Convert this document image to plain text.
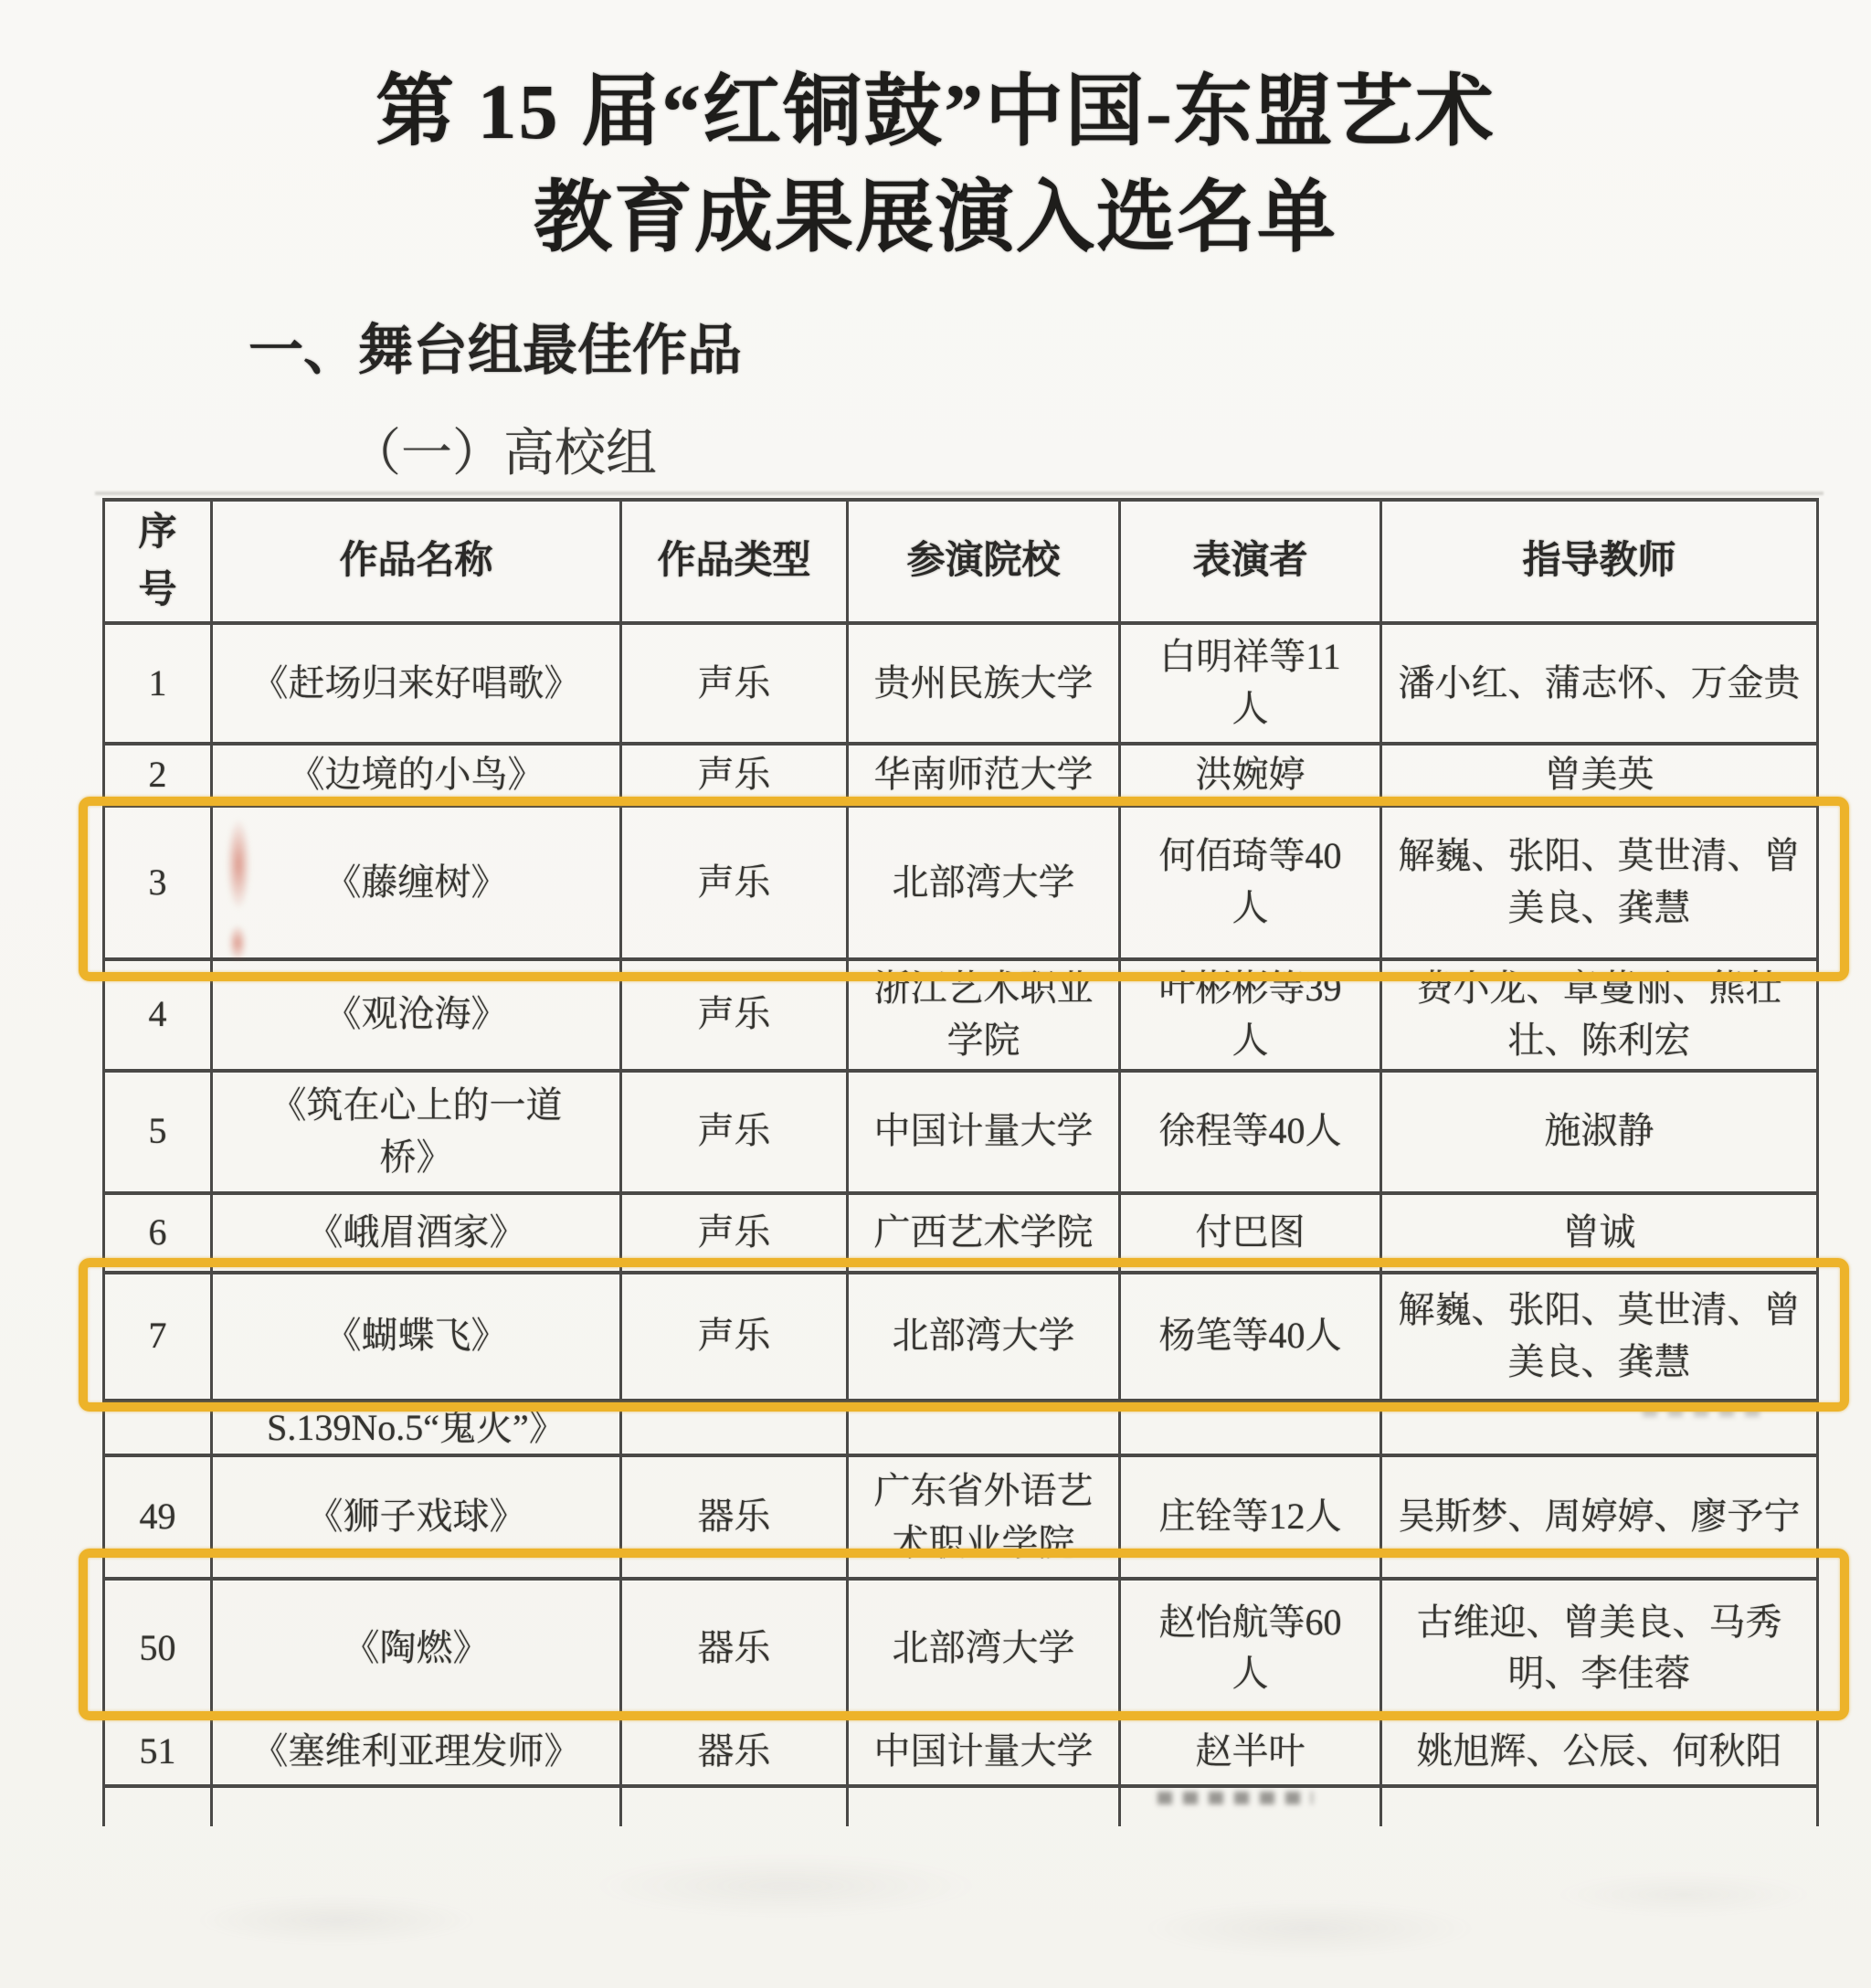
第 15 届“红铜鼓”中国-东盟艺术
教育成果展演入选名单
一、舞台组最佳作品
（一）高校组
序号	作品名称	作品类型	参演院校	表演者	指导教师
1	《赶场归来好唱歌》	声乐	贵州民族大学	白明祥等11人	潘小红、蒲志怀、万金贵
2	《边境的小鸟》	声乐	华南师范大学	洪婉婷	曾美英
3	《藤缠树》	声乐	北部湾大学	何佰琦等40人	解巍、张阳、莫世清、曾美良、龚慧
4	《观沧海》	声乐	浙江艺术职业学院	叶彬彬等39人	费小龙、章蔓丽、熊壮壮、陈利宏
5	《筑在心上的一道桥》	声乐	中国计量大学	徐程等40人	施淑静
6	《峨眉酒家》	声乐	广西艺术学院	付巴图	曾诚
7	《蝴蝶飞》	声乐	北部湾大学	杨笔等40人	解巍、张阳、莫世清、曾美良、龚慧
	S.139No.5“鬼火”》				

49	《狮子戏球》	器乐	广东省外语艺术职业学院	庄铨等12人	吴斯梦、周婷婷、廖予宁
50	《陶燃》	器乐	北部湾大学	赵怡航等60人	古维迎、曾美良、马秀明、李佳蓉
51	《塞维利亚理发师》	器乐	中国计量大学	赵半叶	姚旭辉、公辰、何秋阳
